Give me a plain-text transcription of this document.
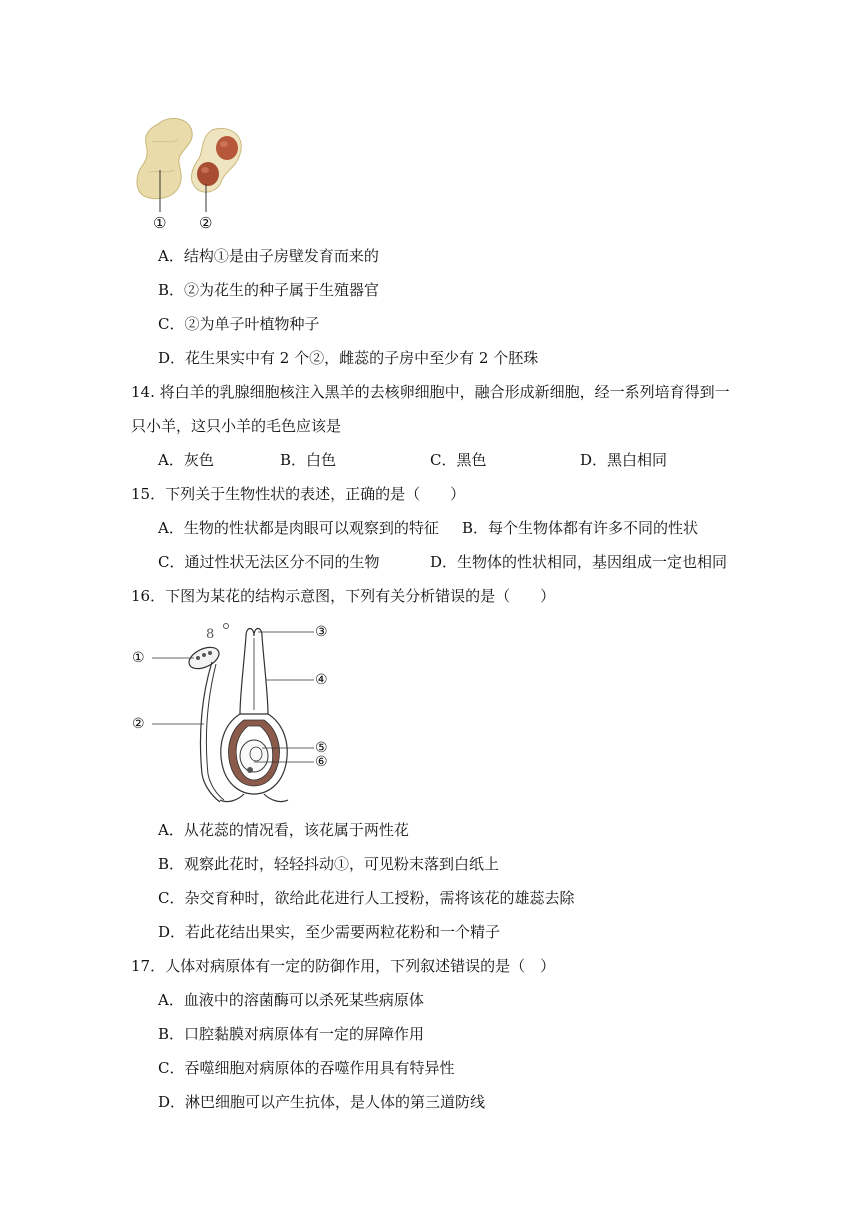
① ②
A．结构①是由子房壁发育而来的
B．②为花生的种子属于生殖器官
C．②为单子叶植物种子
D．花生果实中有 2 个②，雌蕊的子房中至少有 2 个胚珠
14. 将白羊的乳腺细胞核注入黑羊的去核卵细胞中，融合形成新细胞，经一系列培育得到一
只小羊，这只小羊的毛色应该是
A．灰色	B．白色	C．黑色	D．黑白相同
15．下列关于生物性状的表述，正确的是（　　）
A．生物的性状都是肉眼可以观察到的特征 B．每个生物体都有许多不同的性状
C．通过性状无法区分不同的生物	D．生物体的性状相同，基因组成一定也相同
16．下图为某花的结构示意图，下列有关分析错误的是（　　）
8
①
②
③
④
⑤
⑥
A．从花蕊的情况看，该花属于两性花
B．观察此花时，轻轻抖动①，可见粉末落到白纸上
C．杂交育种时，欲给此花进行人工授粉，需将该花的雄蕊去除
D．若此花结出果实，至少需要两粒花粉和一个精子
17．人体对病原体有一定的防御作用，下列叙述错误的是（　）
A．血液中的溶菌酶可以杀死某些病原体
B．口腔黏膜对病原体有一定的屏障作用
C．吞噬细胞对病原体的吞噬作用具有特异性
D．淋巴细胞可以产生抗体，是人体的第三道防线
